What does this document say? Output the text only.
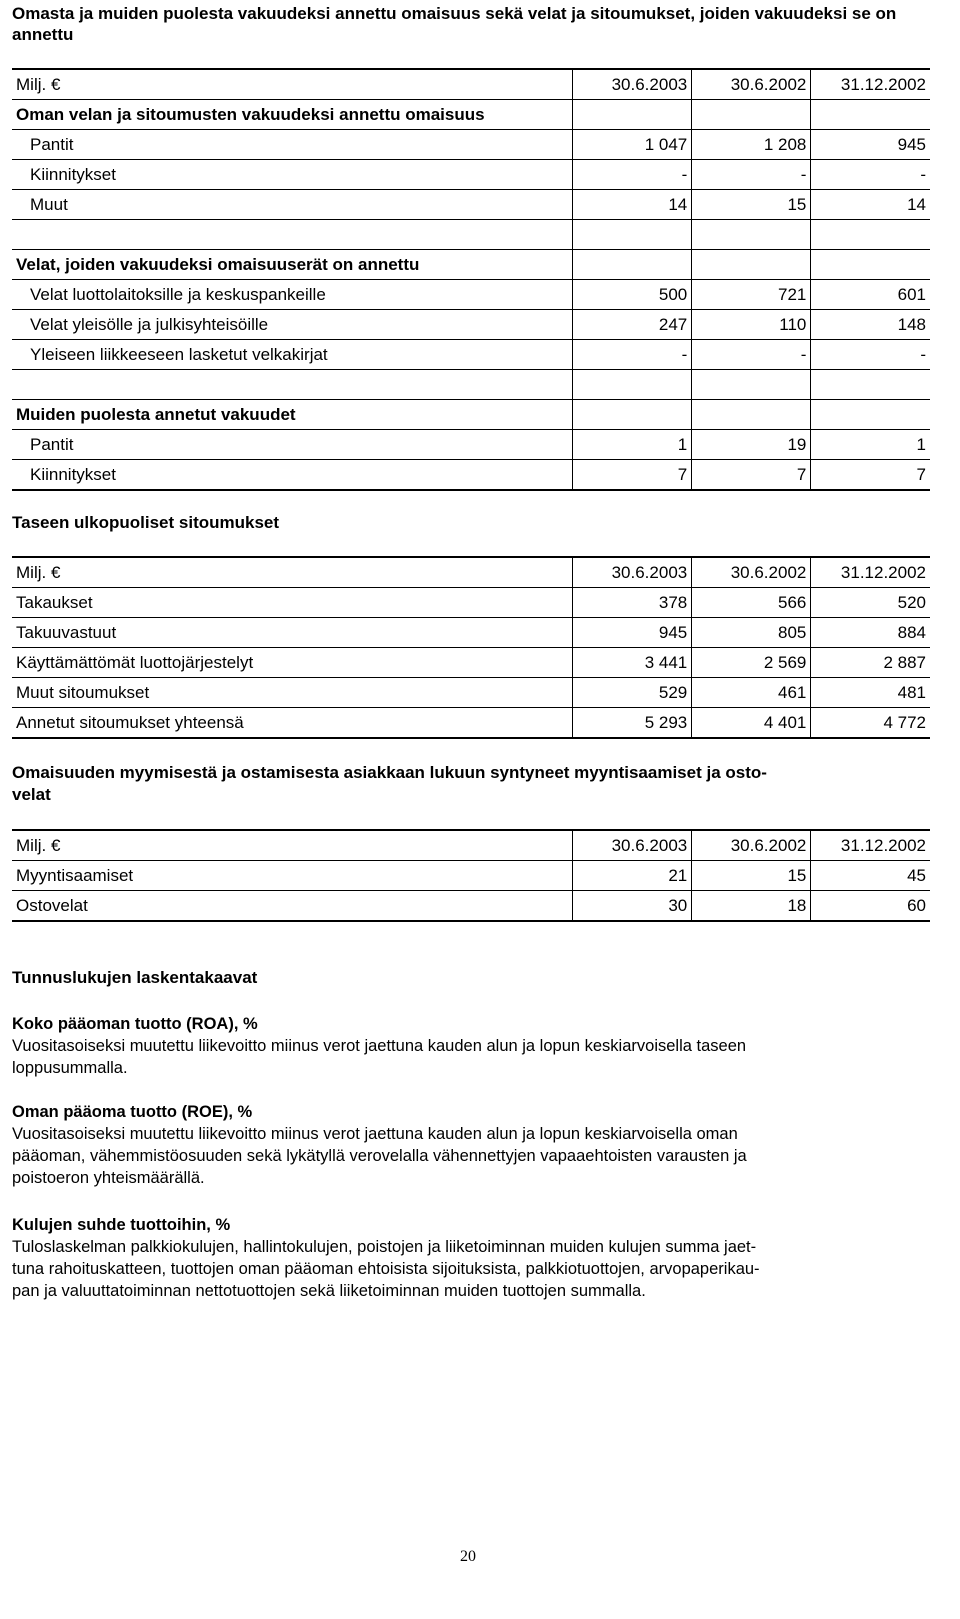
Omasta ja muiden puolesta vakuudeksi annettu omaisuus sekä velat ja sitoumukset, joiden vakuudeksi se on annettu

Milj. €	30.6.2003	30.6.2002	31.12.2002
Oman velan ja sitoumusten vakuudeksi annettu omaisuus			
Pantit	1 047	1 208	945
Kiinnitykset	-	-	-
Muut	14	15	14

Velat, joiden vakuudeksi omaisuuserät on annettu			
Velat luottolaitoksille ja keskuspankeille	500	721	601
Velat yleisölle ja julkisyhteisöille	247	110	148
Yleiseen liikkeeseen lasketut velkakirjat	-	-	-

Muiden puolesta annetut vakuudet			
Pantit	1	19	1
Kiinnitykset	7	7	7
Taseen ulkopuoliset sitoumukset
Milj. €	30.6.2003	30.6.2002	31.12.2002
Takaukset	378	566	520
Takuuvastuut	945	805	884
Käyttämättömät luottojärjestelyt	3 441	2 569	2 887
Muut sitoumukset	529	461	481
Annetut sitoumukset yhteensä	5 293	4 401	4 772
Omaisuuden myymisestä ja ostamisesta asiakkaan lukuun syntyneet myyntisaamiset ja osto-
velat
Milj. €	30.6.2003	30.6.2002	31.12.2002
Myyntisaamiset	21	15	45
Ostovelat	30	18	60
Tunnuslukujen laskentakaavat
Koko pääoman tuotto (ROA), %
Vuositasoiseksi muutettu liikevoitto miinus verot jaettuna kauden alun ja lopun keskiarvoisella taseen
loppusummalla.
Oman pääoma tuotto (ROE), %
Vuositasoiseksi muutettu liikevoitto miinus verot jaettuna kauden alun ja lopun keskiarvoisella oman
pääoman, vähemmistöosuuden sekä lykätyllä verovelalla vähennettyjen vapaaehtoisten varausten ja
poistoeron yhteismäärällä.
Kulujen suhde tuottoihin, %
Tuloslaskelman palkkiokulujen, hallintokulujen, poistojen ja liiketoiminnan muiden kulujen summa jaet-
tuna rahoituskatteen, tuottojen oman pääoman ehtoisista sijoituksista, palkkiotuottojen, arvopaperikau-
pan ja valuuttatoiminnan nettotuottojen sekä liiketoiminnan muiden tuottojen summalla.
20
